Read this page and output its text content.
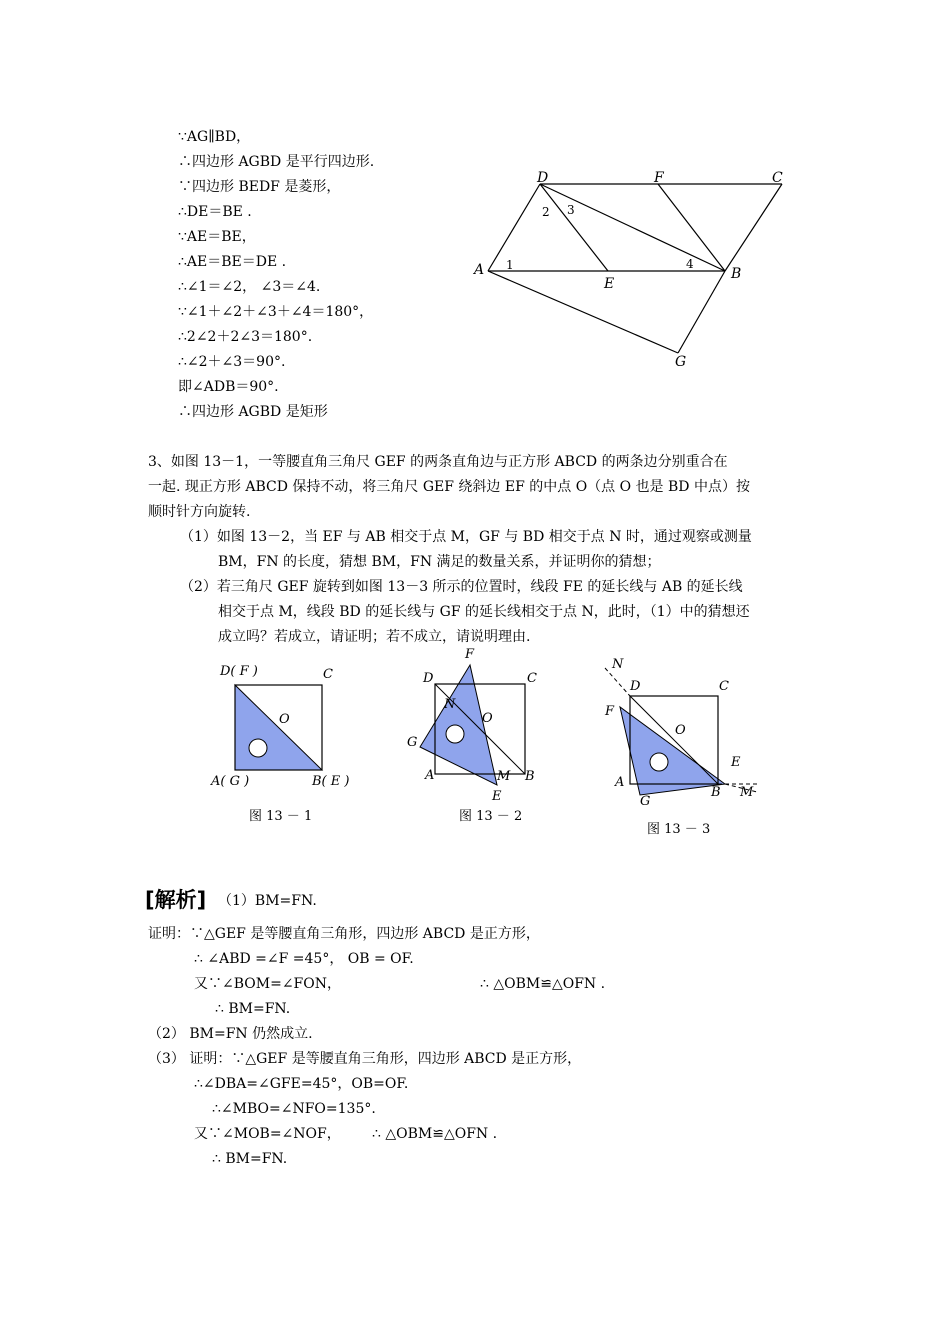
∵AG∥BD，
∴四边形 AGBD 是平行四边形.
∵四边形 BEDF 是菱形，
∴DE＝BE .
∵AE＝BE，
∴AE＝BE＝DE .
∴∠1＝∠2， ∠3＝∠4.
∵∠1＋∠2＋∠3＋∠4＝180°，
∴2∠2＋2∠3＝180°.
∴∠2＋∠3＝90°.
即∠ADB＝90°.
∴四边形 AGBD 是矩形
D	F	C
A
E
B
G
1
2 3
4
3、如图 13－1，一等腰直角三角尺 GEF 的两条直角边与正方形 ABCD 的两条边分别重合在
一起. 现正方形 ABCD 保持不动，将三角尺 GEF 绕斜边 EF 的中点 O（点 O 也是 BD 中点）按
顺时针方向旋转.
（1）如图 13－2，当 EF 与 AB 相交于点 M，GF 与 BD 相交于点 N 时，通过观察或测量
BM，FN 的长度，猜想 BM，FN 满足的数量关系，并证明你的猜想；
（2）若三角尺 GEF 旋转到如图 13－3 所示的位置时，线段 FE 的延长线与 AB 的延长线
相交于点 M，线段 BD 的延长线与 GF 的延长线相交于点 N，此时，（1）中的猜想还
成立吗？若成立，请证明；若不成立，请说明理由.
D( F )	C
O
A( G )	B( E )
图 13 － 1
F
D	C
N
O
G
A	M B
E
图 13 － 2
N
D	C
F
O
E
A
B M
G
图 13 － 3
[解析] （1）BM=FN.
证明：∵△GEF 是等腰直角三角形，四边形 ABCD 是正方形，
∴ ∠ABD =∠F =45°， OB = OF.
又∵∠BOM=∠FON，	∴ △OBM≌△OFN .
∴ BM=FN.
（2） BM=FN 仍然成立.
（3） 证明：∵△GEF 是等腰直角三角形，四边形 ABCD 是正方形，
∴∠DBA=∠GFE=45°，OB=OF.
∴∠MBO=∠NFO=135°.
又∵∠MOB=∠NOF， ∴ △OBM≌△OFN .
∴ BM=FN.
